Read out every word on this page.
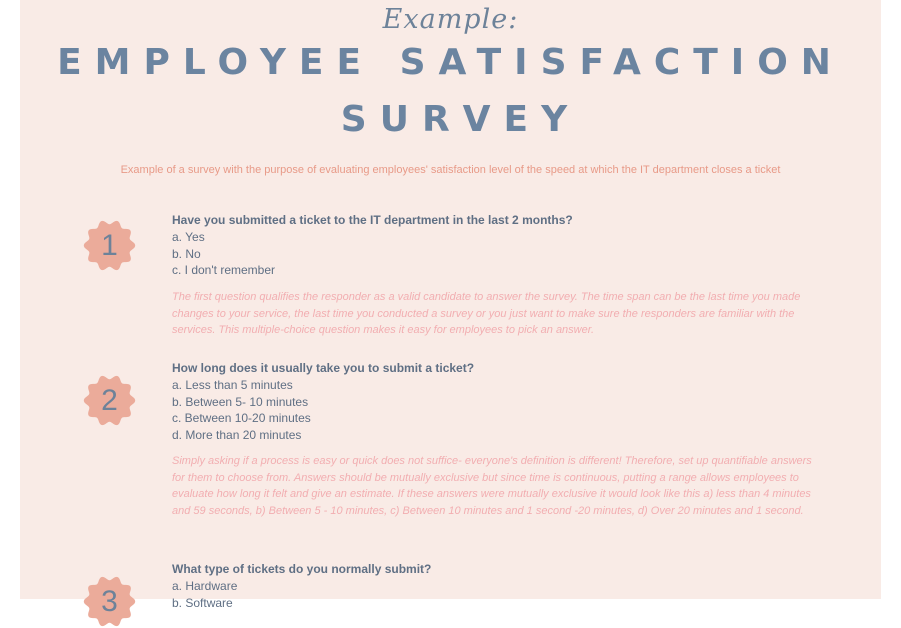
Example:
EMPLOYEE SATISFACTION
SURVEY
Example of a survey with the purpose of evaluating employees' satisfaction level of the speed at which the IT department closes a ticket
1
Have you submitted a ticket to the IT department in the last 2 months?
a. Yes
b. No
c. I don't remember
The first question qualifies the responder as a valid candidate to answer the survey. The time span can be the last time you made changes to your service, the last time you conducted a survey or you just want to make sure the responders are familiar with the services. This multiple-choice question makes it easy for employees to pick an answer.
2
How long does it usually take you to submit a ticket?
a. Less than 5 minutes
b. Between 5- 10 minutes
c. Between 10-20 minutes
d. More than 20 minutes
Simply asking if a process is easy or quick does not suffice- everyone's definition is different! Therefore, set up quantifiable answers for them to choose from. Answers should be mutually exclusive but since time is continuous, putting a range allows employees to evaluate how long it felt and give an estimate. If these answers were mutually exclusive it would look like this a) less than 4 minutes and 59 seconds, b) Between 5 - 10 minutes, c) Between 10 minutes and 1 second -20 minutes, d) Over 20 minutes and 1 second.
3
What type of tickets do you normally submit?
a. Hardware
b. Software
